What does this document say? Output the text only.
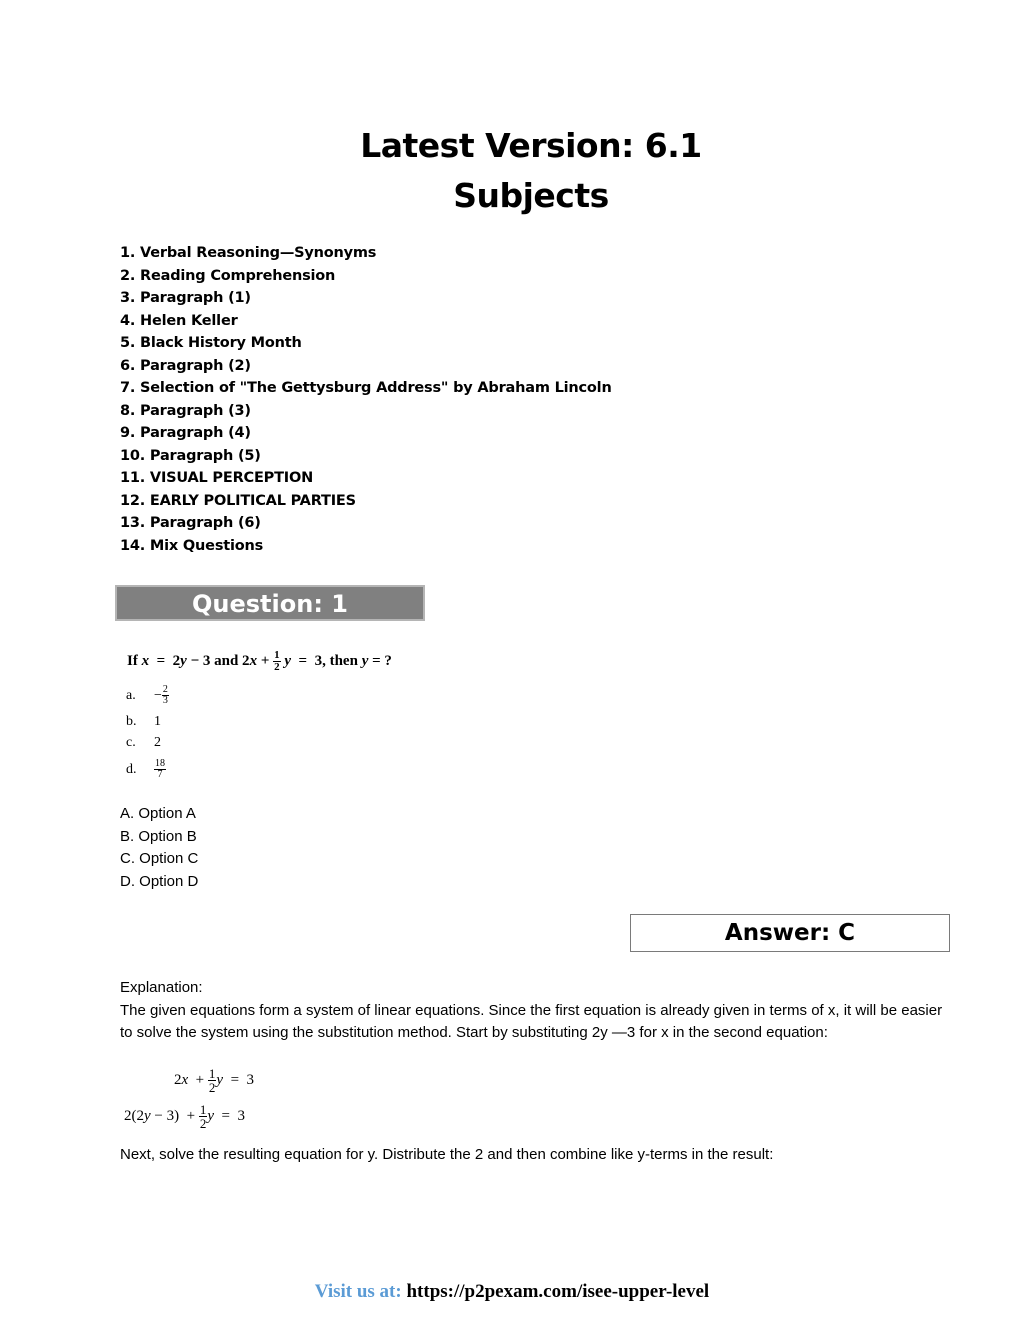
Latest Version: 6.1
Subjects
1. Verbal Reasoning—Synonyms
2. Reading Comprehension
3. Paragraph (1)
4. Helen Keller
5. Black History Month
6. Paragraph (2)
7. Selection of "The Gettysburg Address" by Abraham Lincoln
8. Paragraph (3)
9. Paragraph (4)
10. Paragraph (5)
11. VISUAL PERCEPTION
12. EARLY POLITICAL PARTIES
13. Paragraph (6)
14. Mix Questions
Question: 1
If x  =  2y − 3 and $2x + \frac{1}{2}$ y  =  3, then y = ?
a. − $\frac{2}{3}$
b. 1
c. 2
d. $\frac{18}{7}$
A. Option A
B. Option B
C. Option C
D. Option D
Answer: C

Explanation:

The given equations form a system of linear equations. Since the first equation is already given in terms of x, it will be easier to solve the system using the substitution method. Start by substituting 2y —3 for x in the second equation:

$2x + \frac{1}{2}$ y  =  3
$2(2y - 3) + \frac{1}{2}$ y  =  3
Next, solve the resulting equation for y. Distribute the 2 and then combine like y-terms in the result:
Visit us at: https://p2pexam.com/isee-upper-level
